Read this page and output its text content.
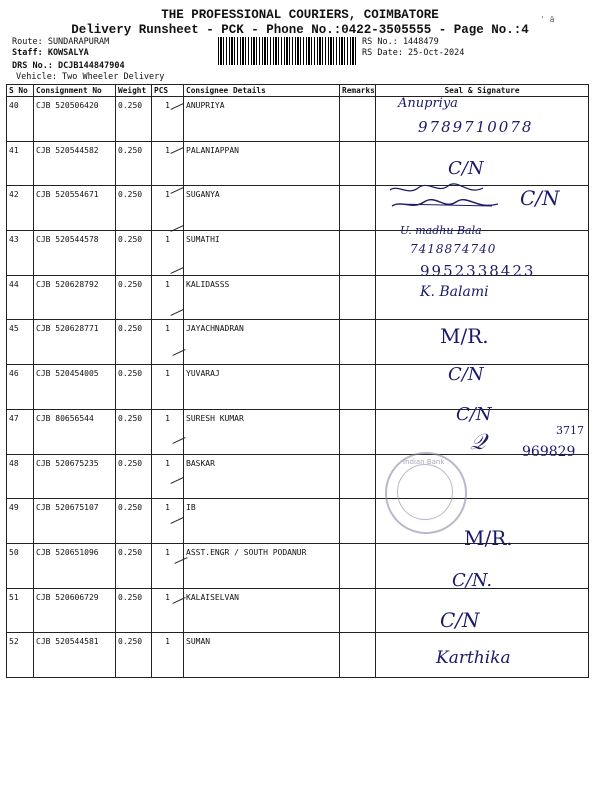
THE PROFESSIONAL COURIERS, COIMBATORE
Delivery Runsheet - PCK - Phone No.:0422-3505555 - Page No.:4
' ä
Route: SUNDARAPURAM
Staff: KOWSALYA
DRS No.: DCJB144847904
Vehicle: Two Wheeler Delivery
RS No.: 1448479
RS Date: 25-Oct-2024
S No	Consignment No	Weight	PCS	Consignee Details	Remarks	Seal & Signature
40	CJB 520506420	0.250	1	ANUPRIYA		
41	CJB 520544582	0.250	1	PALANIAPPAN		
42	CJB 520554671	0.250	1	SUGANYA		
43	CJB 520544578	0.250	1	SUMATHI		
44	CJB 520628792	0.250	1	KALIDASSS		
45	CJB 520628771	0.250	1	JAYACHNADRAN		
46	CJB 520454005	0.250	1	YUVARAJ		
47	CJB 80656544	0.250	1	SURESH KUMAR		
48	CJB 520675235	0.250	1	BASKAR		
49	CJB 520675107	0.250	1	IB		
50	CJB 520651096	0.250	1	ASST.ENGR / SOUTH PODANUR		
51	CJB 520606729	0.250	1	KALAISELVAN		
52	CJB 520544581	0.250	1	SUMAN		
Anupriya
9789710078
C/N
C/N
U. madhu Bala
7418874740
9952338423
K. Balami
M/R.
C/N
C/N
𝒬	3717
969829
Indian Bank
M/R.
C/N.
C/N
Karthika
